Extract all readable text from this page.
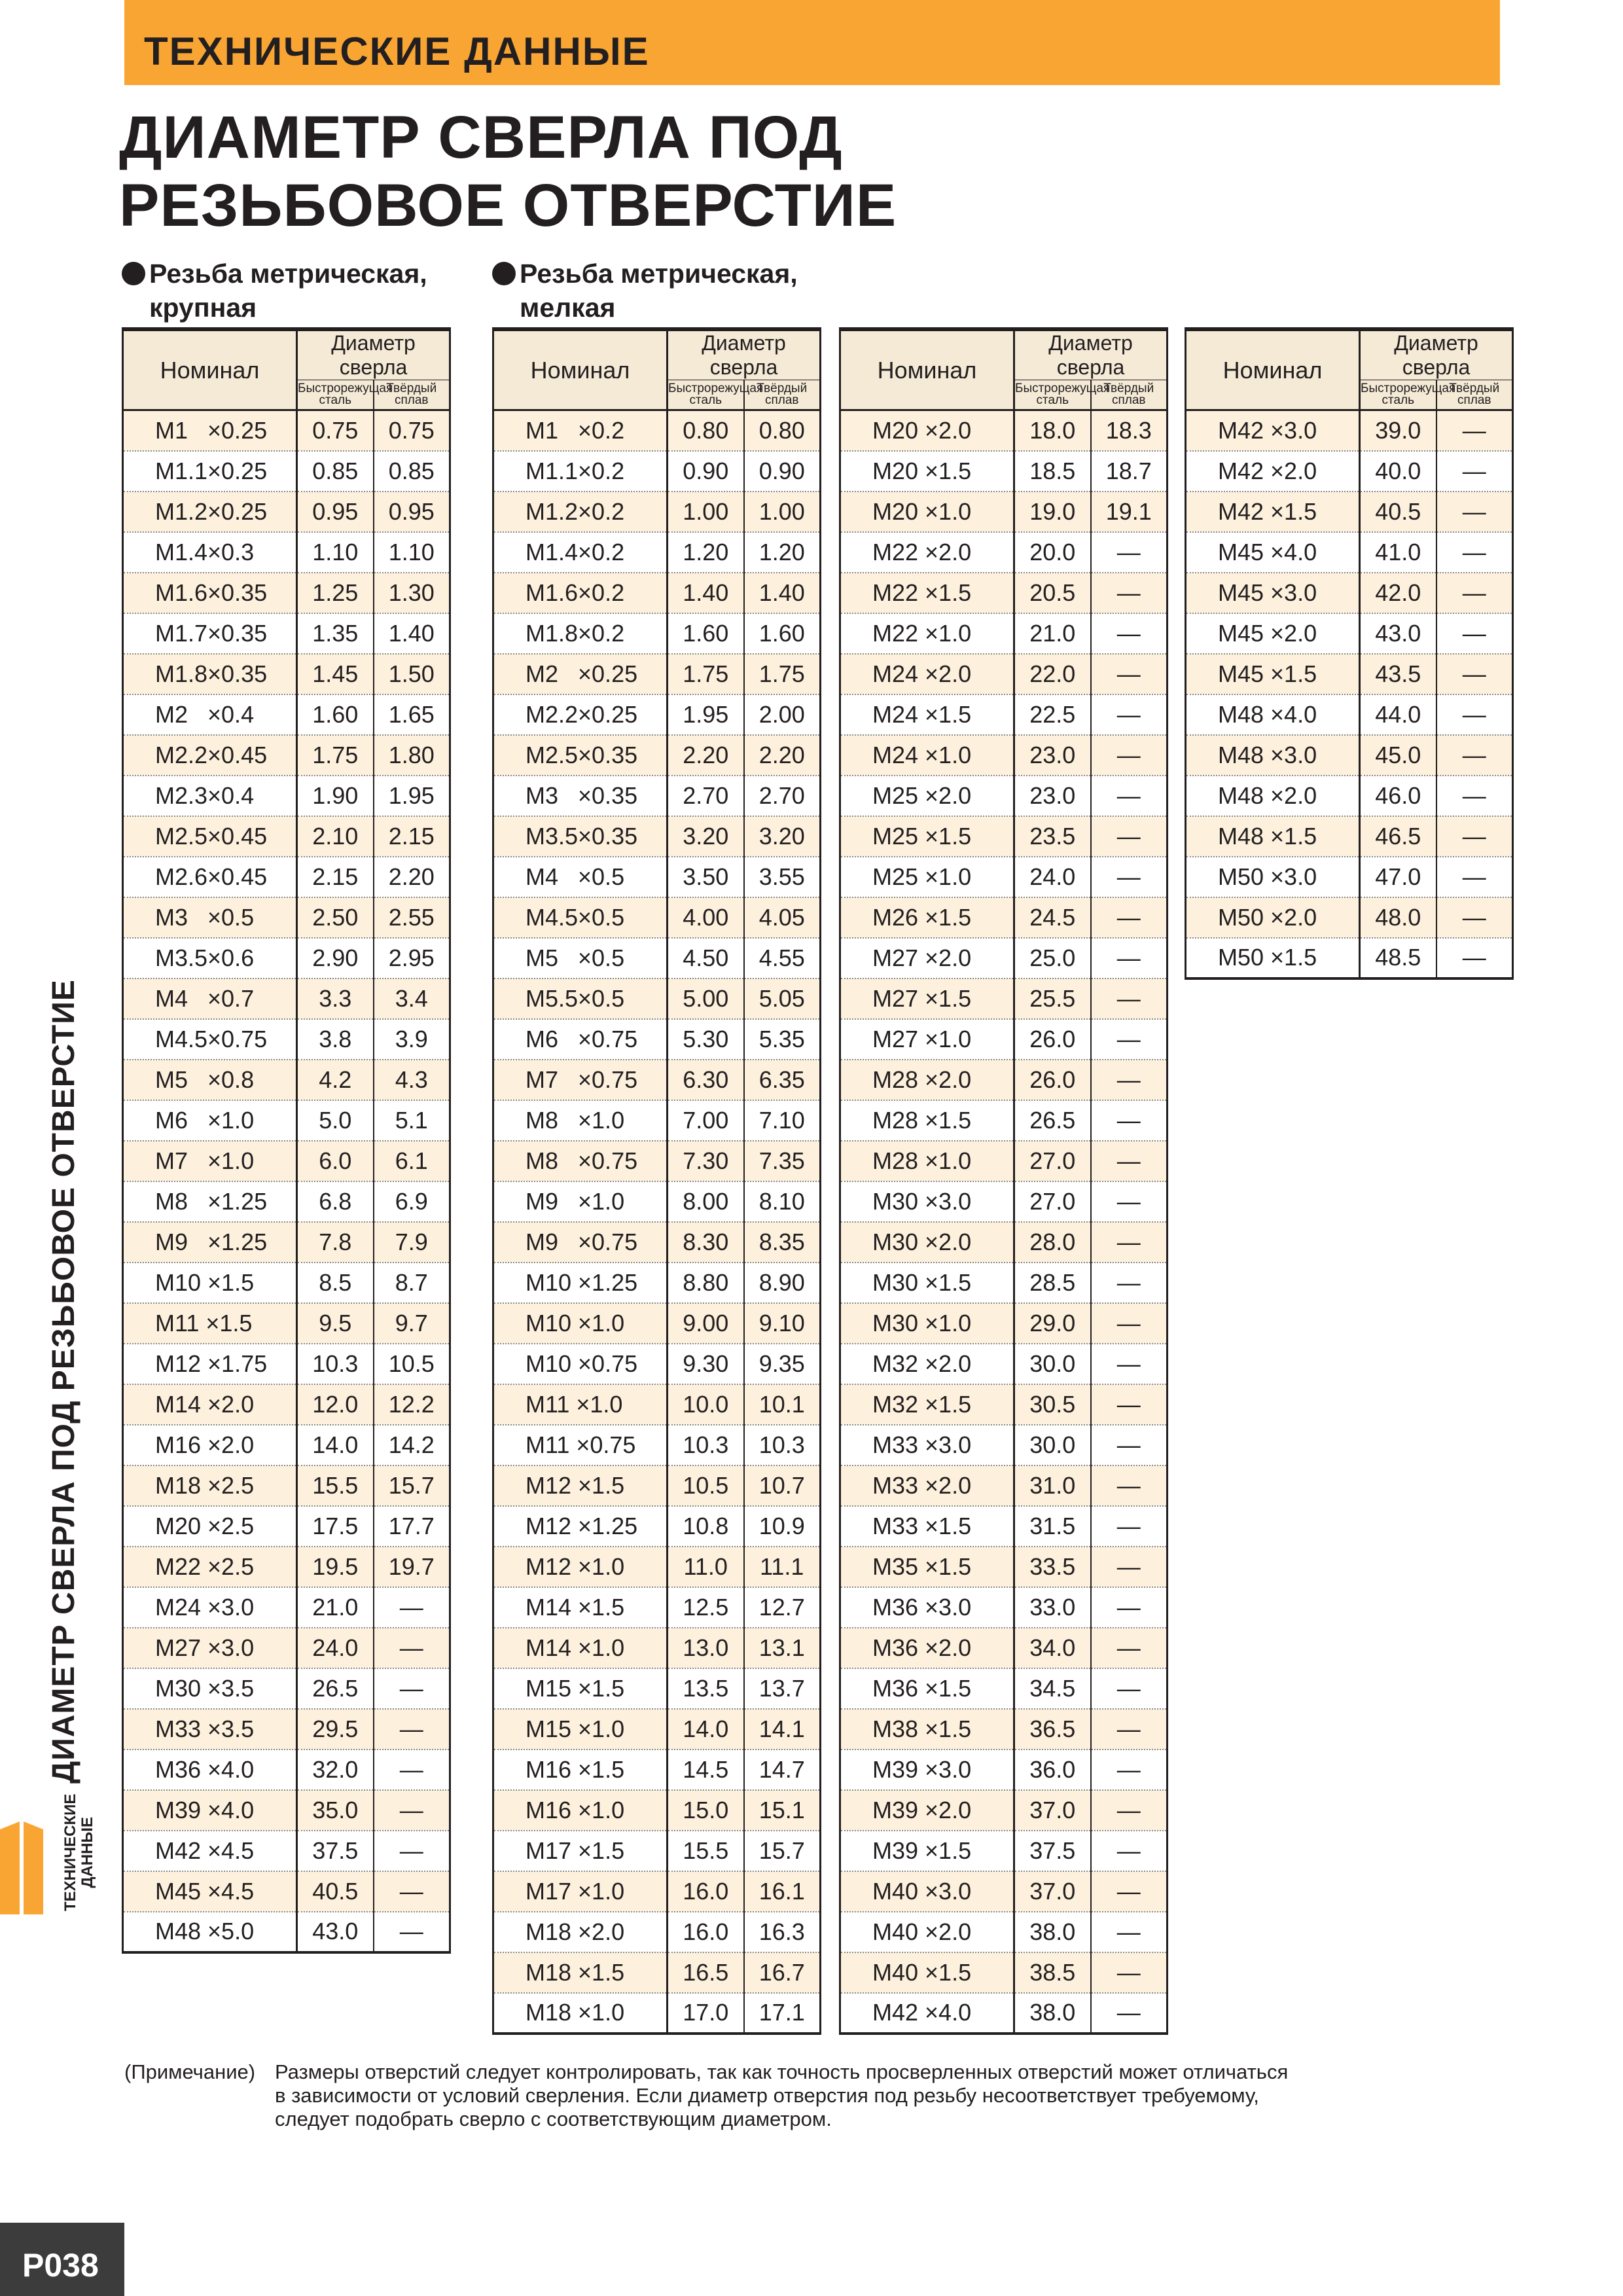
ТЕХНИЧЕСКИЕ ДАННЫЕ
ДИАМЕТР СВЕРЛА ПОД
РЕЗЬБОВОЕ ОТВЕРСТИЕ
Резьба метрическая,
крупная
Резьба метрическая,
мелкая
Номинал	Диаметр сверла	
	Быстрорежущая
сталь	Твёрдый сплав
M1   ×0.25	0.75	0.75
M1.1×0.25	0.85	0.85
M1.2×0.25	0.95	0.95
M1.4×0.3	1.10	1.10
M1.6×0.35	1.25	1.30
M1.7×0.35	1.35	1.40
M1.8×0.35	1.45	1.50
M2   ×0.4	1.60	1.65
M2.2×0.45	1.75	1.80
M2.3×0.4	1.90	1.95
M2.5×0.45	2.10	2.15
M2.6×0.45	2.15	2.20
M3   ×0.5	2.50	2.55
M3.5×0.6	2.90	2.95
M4   ×0.7	3.3	3.4
M4.5×0.75	3.8	3.9
M5   ×0.8	4.2	4.3
M6   ×1.0	5.0	5.1
M7   ×1.0	6.0	6.1
M8   ×1.25	6.8	6.9
M9   ×1.25	7.8	7.9
M10 ×1.5	8.5	8.7
M11 ×1.5	9.5	9.7
M12 ×1.75	10.3	10.5
M14 ×2.0	12.0	12.2
M16 ×2.0	14.0	14.2
M18 ×2.5	15.5	15.7
M20 ×2.5	17.5	17.7
M22 ×2.5	19.5	19.7
M24 ×3.0	21.0	—
M27 ×3.0	24.0	—
M30 ×3.5	26.5	—
M33 ×3.5	29.5	—
M36 ×4.0	32.0	—
M39 ×4.0	35.0	—
M42 ×4.5	37.5	—
M45 ×4.5	40.5	—
M48 ×5.0	43.0	—
Номинал	Диаметр сверла	
	Быстрорежущая
сталь	Твёрдый сплав
M1   ×0.2	0.80	0.80
M1.1×0.2	0.90	0.90
M1.2×0.2	1.00	1.00
M1.4×0.2	1.20	1.20
M1.6×0.2	1.40	1.40
M1.8×0.2	1.60	1.60
M2   ×0.25	1.75	1.75
M2.2×0.25	1.95	2.00
M2.5×0.35	2.20	2.20
M3   ×0.35	2.70	2.70
M3.5×0.35	3.20	3.20
M4   ×0.5	3.50	3.55
M4.5×0.5	4.00	4.05
M5   ×0.5	4.50	4.55
M5.5×0.5	5.00	5.05
M6   ×0.75	5.30	5.35
M7   ×0.75	6.30	6.35
M8   ×1.0	7.00	7.10
M8   ×0.75	7.30	7.35
M9   ×1.0	8.00	8.10
M9   ×0.75	8.30	8.35
M10 ×1.25	8.80	8.90
M10 ×1.0	9.00	9.10
M10 ×0.75	9.30	9.35
M11 ×1.0	10.0	10.1
M11 ×0.75	10.3	10.3
M12 ×1.5	10.5	10.7
M12 ×1.25	10.8	10.9
M12 ×1.0	11.0	11.1
M14 ×1.5	12.5	12.7
M14 ×1.0	13.0	13.1
M15 ×1.5	13.5	13.7
M15 ×1.0	14.0	14.1
M16 ×1.5	14.5	14.7
M16 ×1.0	15.0	15.1
M17 ×1.5	15.5	15.7
M17 ×1.0	16.0	16.1
M18 ×2.0	16.0	16.3
M18 ×1.5	16.5	16.7
M18 ×1.0	17.0	17.1
Номинал	Диаметр сверла	
	Быстрорежущая
сталь	Твёрдый сплав
M20 ×2.0	18.0	18.3
M20 ×1.5	18.5	18.7
M20 ×1.0	19.0	19.1
M22 ×2.0	20.0	—
M22 ×1.5	20.5	—
M22 ×1.0	21.0	—
M24 ×2.0	22.0	—
M24 ×1.5	22.5	—
M24 ×1.0	23.0	—
M25 ×2.0	23.0	—
M25 ×1.5	23.5	—
M25 ×1.0	24.0	—
M26 ×1.5	24.5	—
M27 ×2.0	25.0	—
M27 ×1.5	25.5	—
M27 ×1.0	26.0	—
M28 ×2.0	26.0	—
M28 ×1.5	26.5	—
M28 ×1.0	27.0	—
M30 ×3.0	27.0	—
M30 ×2.0	28.0	—
M30 ×1.5	28.5	—
M30 ×1.0	29.0	—
M32 ×2.0	30.0	—
M32 ×1.5	30.5	—
M33 ×3.0	30.0	—
M33 ×2.0	31.0	—
M33 ×1.5	31.5	—
M35 ×1.5	33.5	—
M36 ×3.0	33.0	—
M36 ×2.0	34.0	—
M36 ×1.5	34.5	—
M38 ×1.5	36.5	—
M39 ×3.0	36.0	—
M39 ×2.0	37.0	—
M39 ×1.5	37.5	—
M40 ×3.0	37.0	—
M40 ×2.0	38.0	—
M40 ×1.5	38.5	—
M42 ×4.0	38.0	—
Номинал	Диаметр сверла	
	Быстрорежущая
сталь	Твёрдый сплав
M42 ×3.0	39.0	—
M42 ×2.0	40.0	—
M42 ×1.5	40.5	—
M45 ×4.0	41.0	—
M45 ×3.0	42.0	—
M45 ×2.0	43.0	—
M45 ×1.5	43.5	—
M48 ×4.0	44.0	—
M48 ×3.0	45.0	—
M48 ×2.0	46.0	—
M48 ×1.5	46.5	—
M50 ×3.0	47.0	—
M50 ×2.0	48.0	—
M50 ×1.5	48.5	—
ДИАМЕТР СВЕРЛА ПОД РЕЗЬБОВОЕ ОТВЕРСТИЕ
ТЕХНИЧЕСКИЕ ДАННЫЕ
(Примечание) Размеры отверстий следует контролировать, так как точность просверленных отверстий может отличаться
в зависимости от условий сверления. Если диаметр отверстия под резьбу несоответствует требуемому,
следует подобрать сверло с соответствующим диаметром.
P038
